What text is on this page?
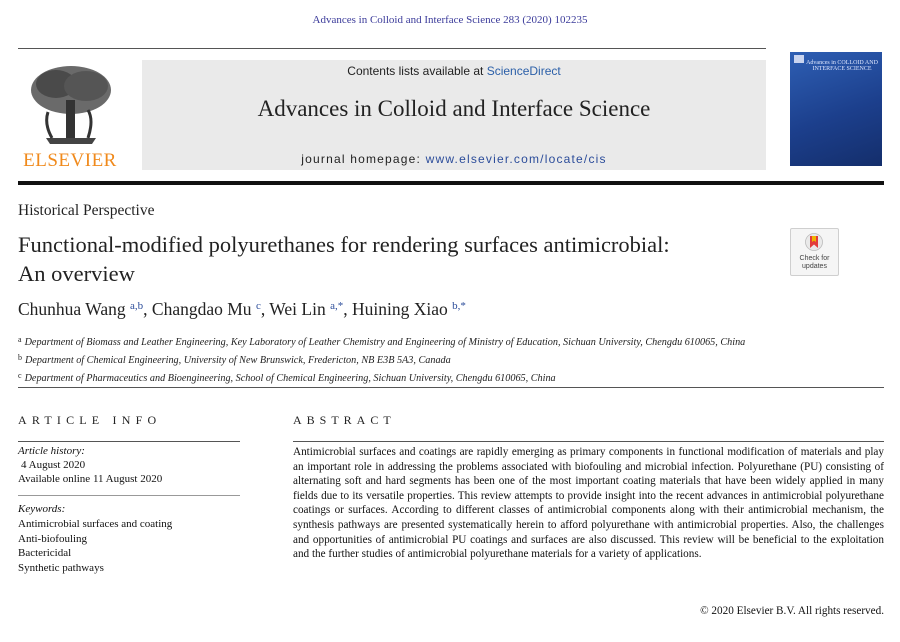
Advances in Colloid and Interface Science 283 (2020) 102235
ELSEVIER
Contents lists available at ScienceDirect
Advances in Colloid and Interface Science
journal homepage: www.elsevier.com/locate/cis
Advances in COLLOID AND INTERFACE SCIENCE
Historical Perspective
Functional-modified polyurethanes for rendering surfaces antimicrobial:
An overview
Check for updates
Chunhua Wang $^{a,b}$, Changdao Mu $^c$, Wei Lin $^{a,*}$, Huining Xiao $^{b,*}$
$^a$ Department of Biomass and Leather Engineering, Key Laboratory of Leather Chemistry and Engineering of Ministry of Education, Sichuan University, Chengdu 610065, China
$^b$ Department of Chemical Engineering, University of New Brunswick, Fredericton, NB E3B 5A3, Canada
$^c$ Department of Pharmaceutics and Bioengineering, School of Chemical Engineering, Sichuan University, Chengdu 610065, China
ARTICLE INFO
Article history:
4 August 2020
Available online 11 August 2020
Keywords:
Antimicrobial surfaces and coating
Anti-biofouling
Bactericidal
Synthetic pathways
ABSTRACT
Antimicrobial surfaces and coatings are rapidly emerging as primary components in functional modification of materials and play an important role in addressing the problems associated with biofouling and microbial infection. Polyurethane (PU) consisting of alternating soft and hard segments has been one of the most important coating materials that have been widely applied in many fields due to its versatile properties. This review attempts to provide insight into the recent advances in antimicrobial polyurethane coatings or surfaces. According to different classes of antimicrobial components along with their antimicrobial mechanism, the synthesis pathways are presented systematically herein to afford polyurethane with antimicrobial properties. Also, the challenges and opportunities of antimicrobial PU coatings and surfaces are also discussed. This review will be beneficial to the exploitation and the further studies of antimicrobial polyurethane materials for a variety of applications.
© 2020 Elsevier B.V. All rights reserved.
